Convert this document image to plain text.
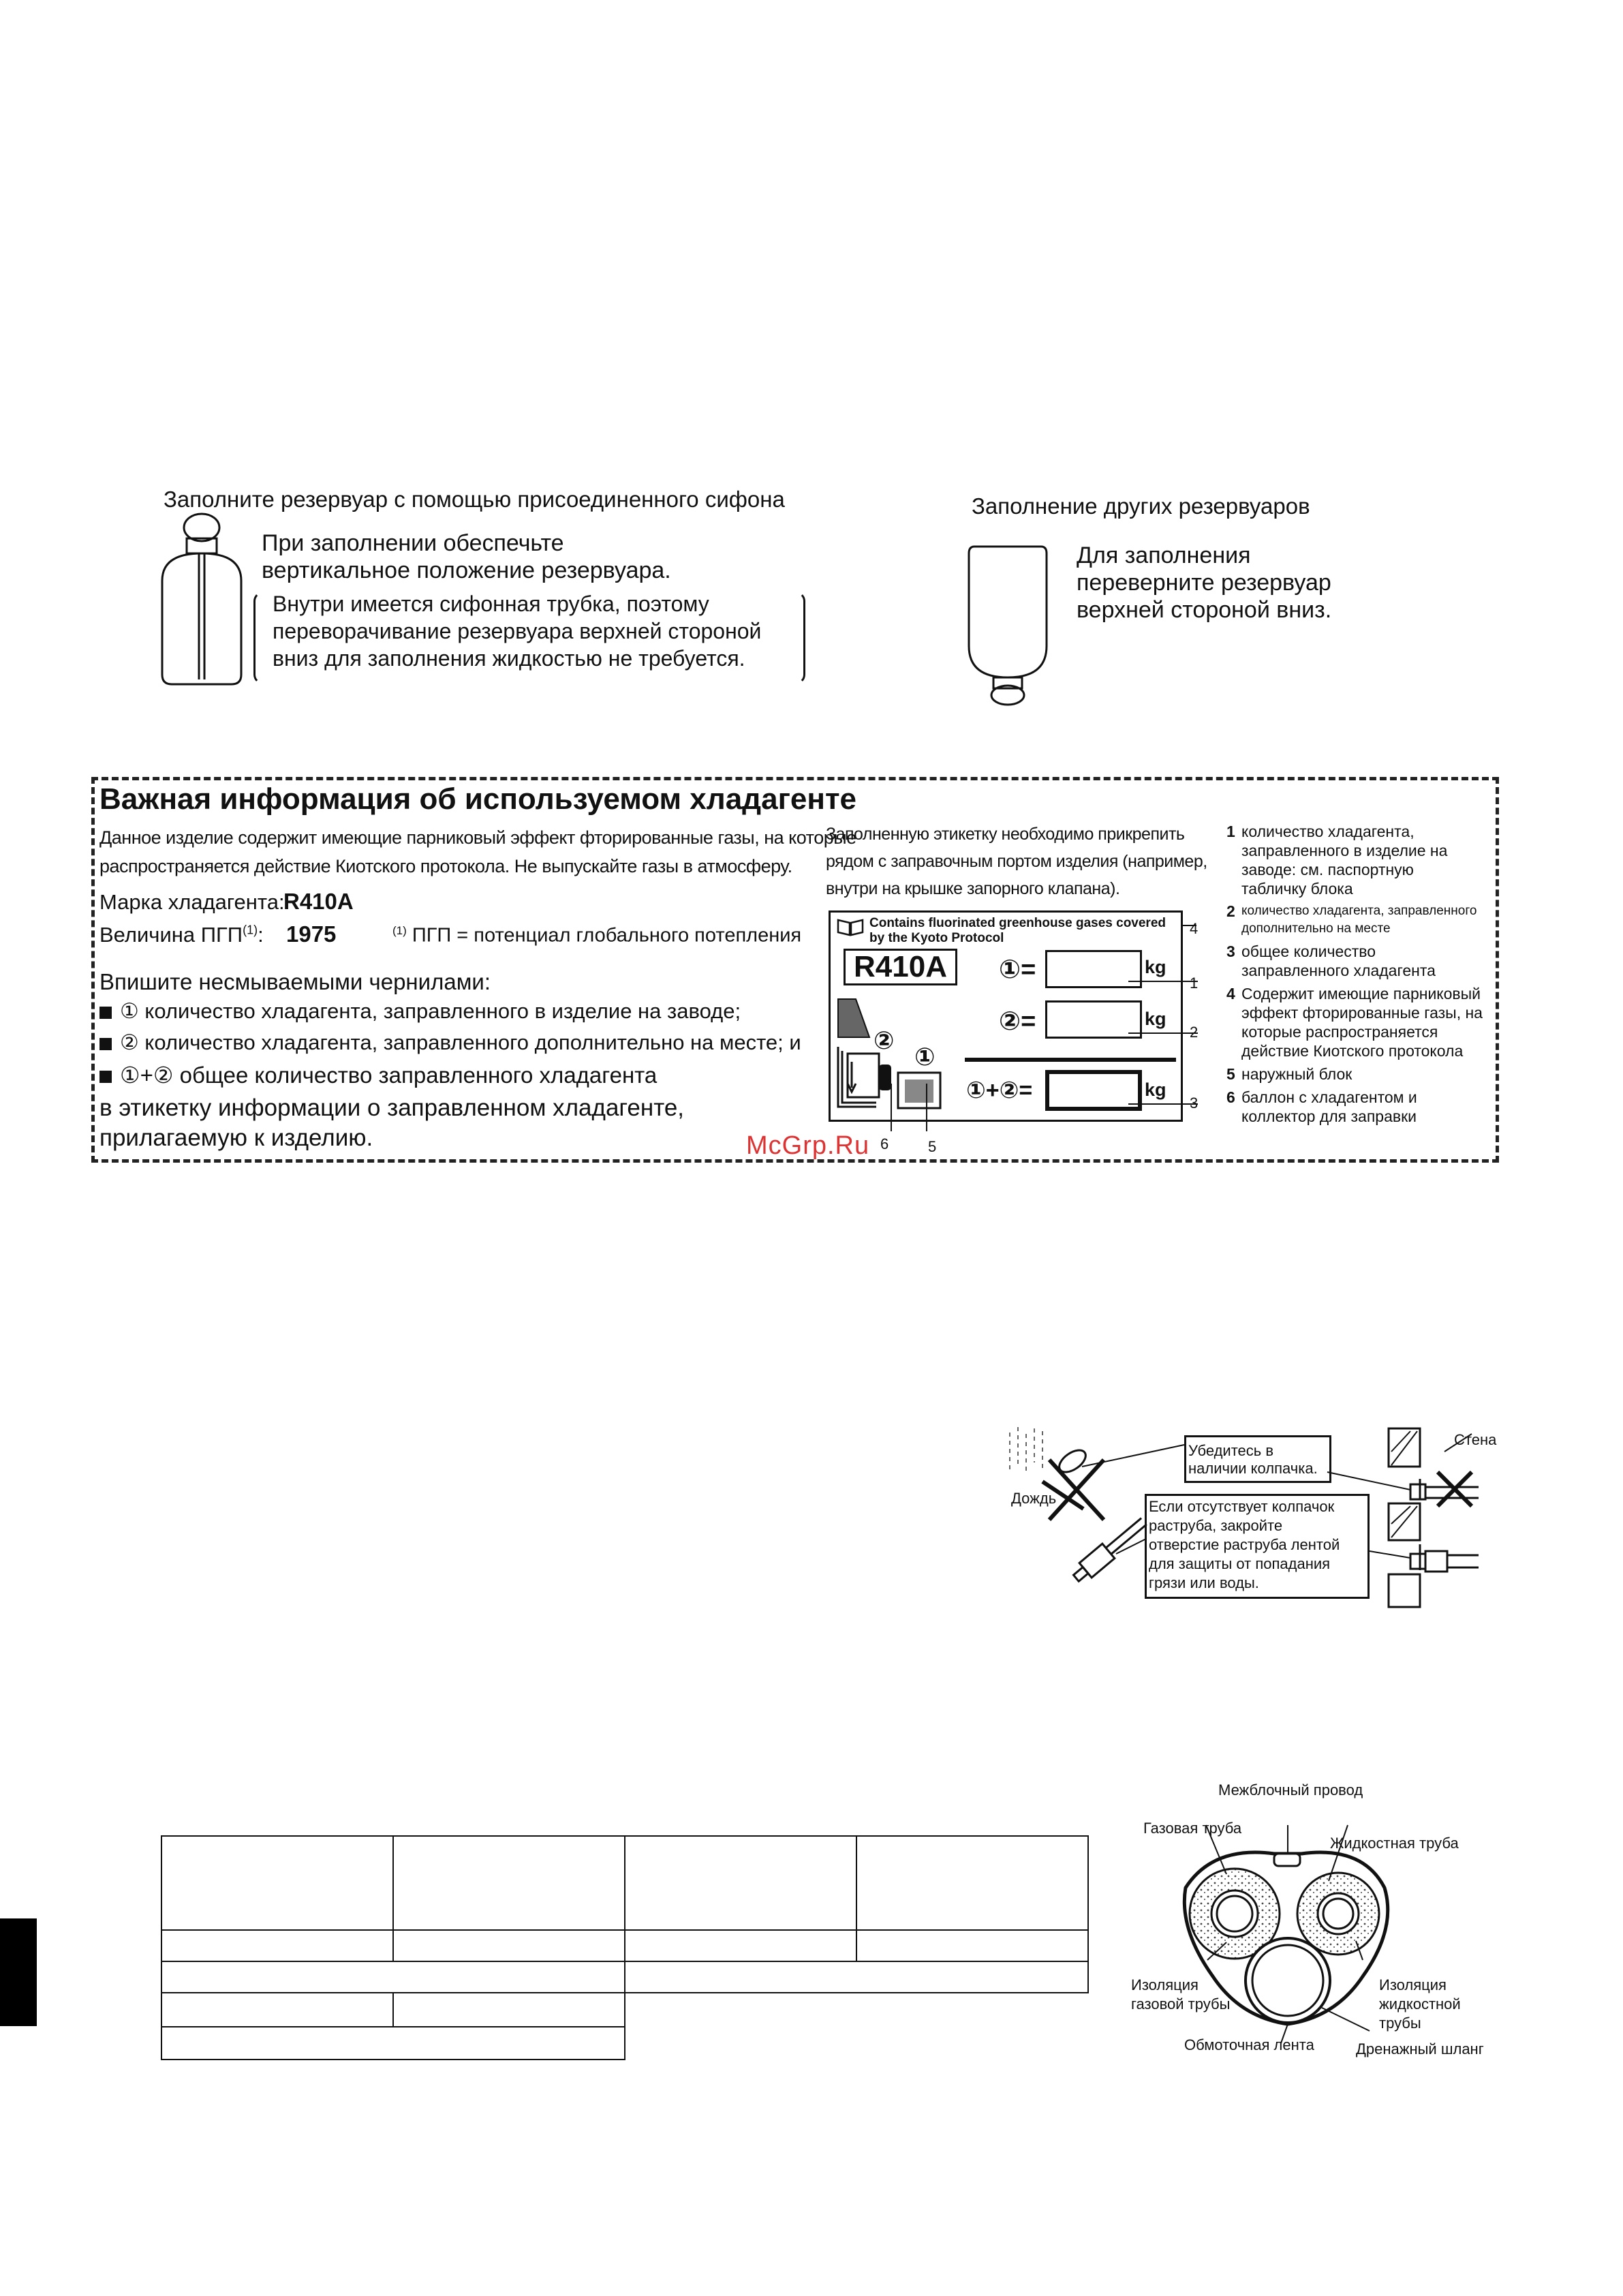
Заполните резервуар с помощью присоединенного сифона
При заполнении обеспечьте
вертикальное положение резервуара.
Внутри имеется сифонная трубка, поэтому
переворачивание резервуара верхней стороной
вниз для заполнения жидкостью не требуется.
Заполнение других резервуаров
Для заполнения
переверните резервуар
верхней стороной вниз.
Важная информация об используемом хладагенте
Данное изделие содержит имеющие парниковый эффект фторированные газы, на которые
распространяется действие Киотского протокола. Не выпускайте газы в атмосферу.
Марка хладагента:
R410A
Величина ПГП$^{(1)}$: 1975	$^{(1)}$ ПГП = потенциал глобального потепления
Впишите несмываемыми чернилами:
① количество хладагента, заправленного в изделие на заводе;
② количество хладагента, заправленного дополнительно на месте; и
①+② общее количество заправленного хладагента
в этикетку информации о заправленном хладагенте,
прилагаемую к изделию.
Заполненную этикетку необходимо прикрепить
рядом с заправочным портом изделия (например,
внутри на крышке запорного клапана).
Contains fluorinated greenhouse gases covered
by the Kyoto Protocol
R410A	①=	kg
②=	kg
①+②=	kg
①
②
4
1
2
3
6	5
1 количество хладагента,
заправленного в изделие на
заводе: см. паспортную
табличку блока
2 количество хладагента, заправленного
дополнительно на месте
3 общее количество
заправленного хладагента
4 Содержит имеющие парниковый
эффект фторированные газы, на
которые распространяется
действие Киотского протокола
5 наружный блок
6 баллон с хладагентом и
коллектор для заправки
McGrp.Ru
Убедитесь в
наличии колпачка.
Если отсутствует колпачок
раструба, закройте
отверстие раструба лентой
для защиты от попадания
грязи или воды.
Дождь
Стена

Межблочный провод
Газовая труба
Жидкостная труба
Изоляция
газовой трубы
Изоляция
жидкостной
трубы
Обмоточная лента	Дренажный шланг
